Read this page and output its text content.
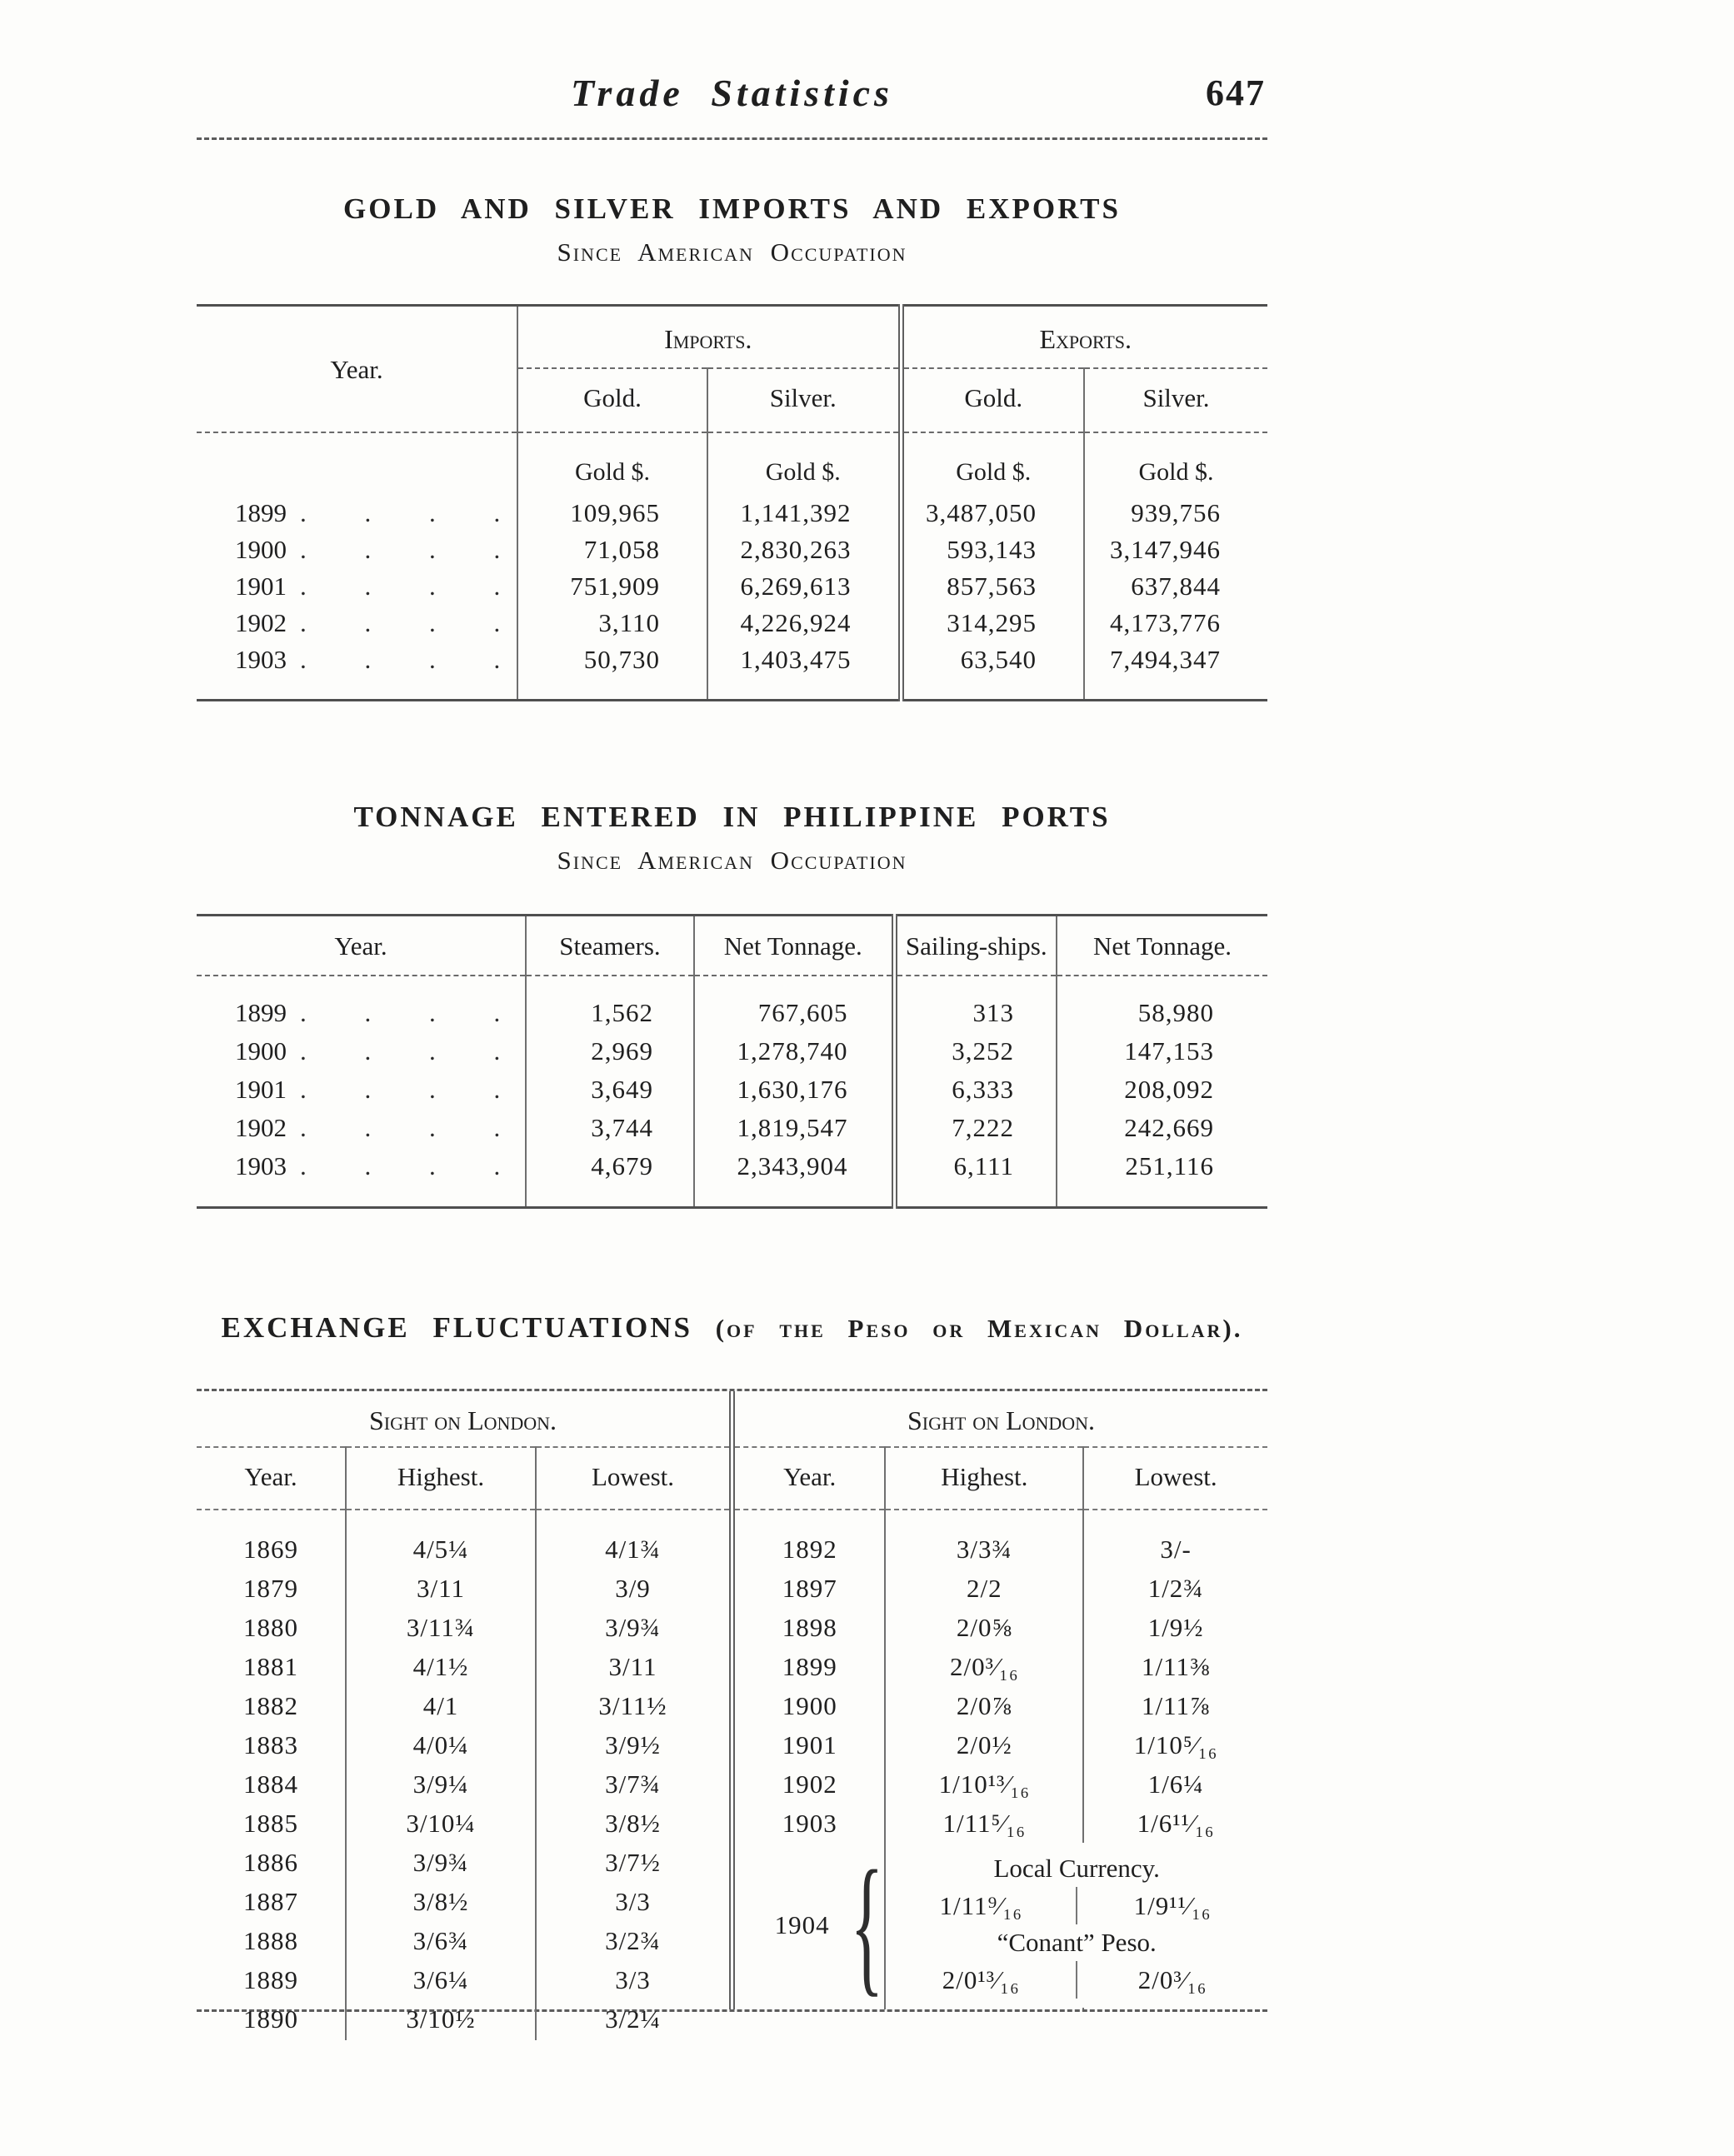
Trade Statistics	647
GOLD AND SILVER IMPORTS AND EXPORTS
Since American Occupation
Year.	Imports.		Exports.	
	Gold.	Silver.	Gold.	Silver.
	Gold $.	Gold $.	Gold $.	Gold $.
1899 . . . .	109,965	1,141,392	3,487,050	939,756
1900 . . . .	71,058	2,830,263	593,143	3,147,946
1901 . . . .	751,909	6,269,613	857,563	637,844
1902 . . . .	3,110	4,226,924	314,295	4,173,776
1903 . . . .	50,730	1,403,475	63,540	7,494,347
TONNAGE ENTERED IN PHILIPPINE PORTS
Since American Occupation
Year.	Steamers.	Net Tonnage.	Sailing-ships.	Net Tonnage.
1899 . . . .	1,562	767,605	313	58,980
1900 . . . .	2,969	1,278,740	3,252	147,153
1901 . . . .	3,649	1,630,176	6,333	208,092
1902 . . . .	3,744	1,819,547	7,222	242,669
1903 . . . .	4,679	2,343,904	6,111	251,116
EXCHANGE FLUCTUATIONS (of the Peso or Mexican Dollar).
Sight on London.		
Year.	Highest.	Lowest.
1869	4/5¼	4/1¾
1879	3/11	3/9
1880	3/11¾	3/9¾
1881	4/1½	3/11
1882	4/1	3/11½
1883	4/0¼	3/9½
1884	3/9¼	3/7¾
1885	3/10¼	3/8½
1886	3/9¾	3/7½
1887	3/8½	3/3
1888	3/6¾	3/2¾
1889	3/6¼	3/3
1890	3/10½	3/2¼

Sight on London.		
Year.	Highest.	Lowest.
1892	3/3¾	3/-
1897	2/2	1/2¾
1898	2/0⅝	1/9½
1899	2/0³⁄₁₆	1/11⅜
1900	2/0⅞	1/11⅞
1901	2/0½	1/10⁵⁄₁₆
1902	1/10¹³⁄₁₆	1/6¼
1903	1/11⁵⁄₁₆	1/6¹¹⁄₁₆

1904 {	Local Currency.
1/11⁹⁄₁₆	1/9¹¹⁄₁₆
“Conant” Peso.
2/0¹³⁄₁₆	2/0³⁄₁₆
